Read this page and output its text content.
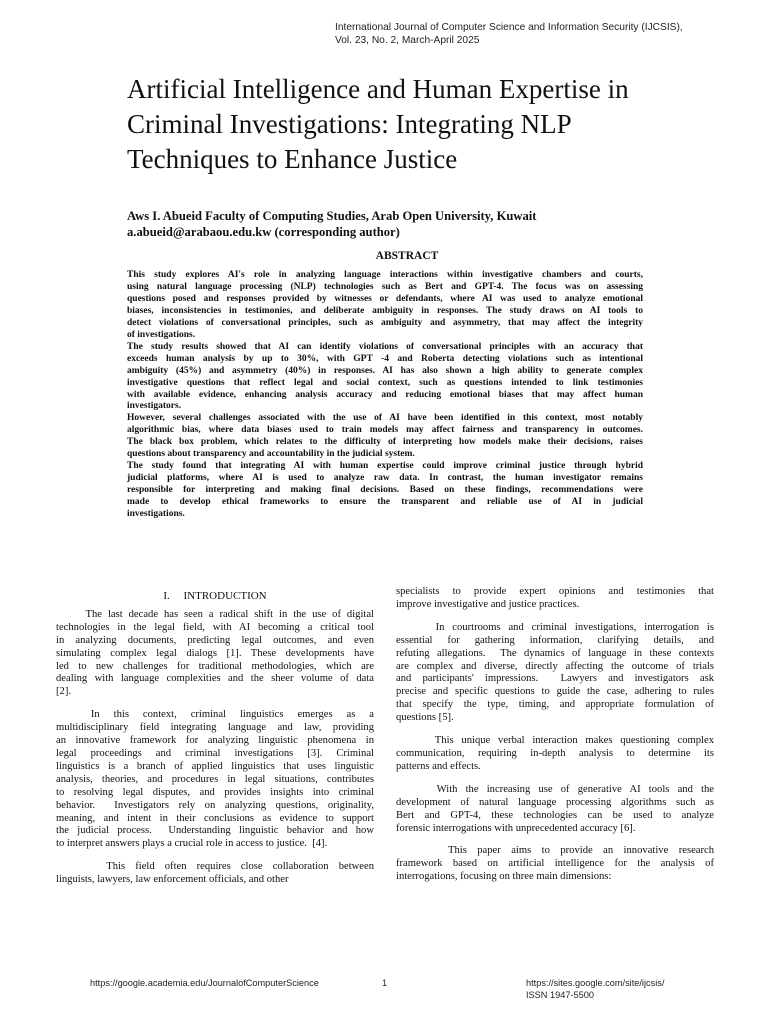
International Journal of Computer Science and Information Security (IJCSIS),
Vol. 23, No. 2, March-April 2025
Artificial Intelligence and Human Expertise in
Criminal Investigations: Integrating NLP
Techniques to Enhance Justice
Aws I. Abueid Faculty of Computing Studies, Arab Open University, Kuwait
a.abueid@arabaou.edu.kw (corresponding author)
ABSTRACT
This study explores AI's role in analyzing language interactions within investigative chambers and courts,
using natural language processing (NLP) technologies such as Bert and GPT-4. The focus was on assessing
questions posed and responses provided by witnesses or defendants, where AI was used to analyze emotional
biases, inconsistencies in testimonies, and deliberate ambiguity in responses. The study draws on AI tools to
detect violations of conversational principles, such as ambiguity and asymmetry, that may affect the integrity
of investigations.
The study results showed that AI can identify violations of conversational principles with an accuracy that
exceeds human analysis by up to 30%, with GPT -4 and Roberta detecting violations such as intentional
ambiguity (45%) and asymmetry (40%) in responses. AI has also shown a high ability to generate complex
investigative questions that reflect legal and social context, such as questions intended to link testimonies
with available evidence, enhancing analysis accuracy and reducing emotional biases that may affect human
investigators.
However, several challenges associated with the use of AI have been identified in this context, most notably
algorithmic bias, where data biases used to train models may affect fairness and transparency in outcomes.
The black box problem, which relates to the difficulty of interpreting how models make their decisions, raises
questions about transparency and accountability in the judicial system.
The study found that integrating AI with human expertise could improve criminal justice through hybrid
judicial platforms, where AI is used to analyze raw data. In contrast, the human investigator remains
responsible for interpreting and making final decisions. Based on these findings, recommendations were
made to develop ethical frameworks to ensure the transparent and reliable use of AI in judicial
investigations.
I.     INTRODUCTION
The last decade has seen a radical shift in the use of digital
technologies in the legal field, with AI becoming a critical tool
in analyzing documents, predicting legal outcomes, and even
simulating complex legal dialogs [1]. These developments have
led to new challenges for traditional methodologies, which are
dealing with language complexities and the sheer volume of data
[2].
In  this  context,  criminal  linguistics  emerges  as  a
multidisciplinary field integrating language and law, providing
an innovative framework for analyzing linguistic phenomena in
legal proceedings and criminal investigations [3]. Criminal
linguistics is a branch of applied linguistics that uses linguistic
analysis, theories, and procedures in legal situations, contributes
to resolving legal disputes, and provides insights into criminal
behavior.  Investigators rely on analyzing questions, originality,
meaning, and intent in their conclusions as evidence to support
the judicial process.  Understanding linguistic behavior and how
to interpret answers plays a crucial role in access to justice.  [4].
This field often requires close collaboration between
linguists, lawyers, law enforcement officials, and other
specialists to provide expert opinions and testimonies that
improve investigative and justice practices.
In courtrooms and criminal investigations, interrogation is
essential for gathering information, clarifying details, and
refuting allegations.  The dynamics of language in these contexts
are complex and diverse, directly affecting the outcome of trials
and participants' impressions.  Lawyers and investigators ask
precise and specific questions to guide the case, adhering to rules
that specify the type, timing, and appropriate formulation of
questions [5].
This unique verbal interaction makes questioning complex
communication, requiring in-depth analysis to determine its
patterns and effects.
With the increasing use of generative AI tools and the
development of natural language processing algorithms such as
Bert and GPT-4, these technologies can be used to analyze
forensic interrogations with unprecedented accuracy [6].
This paper aims to provide an innovative research
framework based on artificial intelligence for the analysis of
interrogations, focusing on three main dimensions:
https://google.academia.edu/JournalofComputerScience	1	https://sites.google.com/site/ijcsis/
ISSN 1947-5500
